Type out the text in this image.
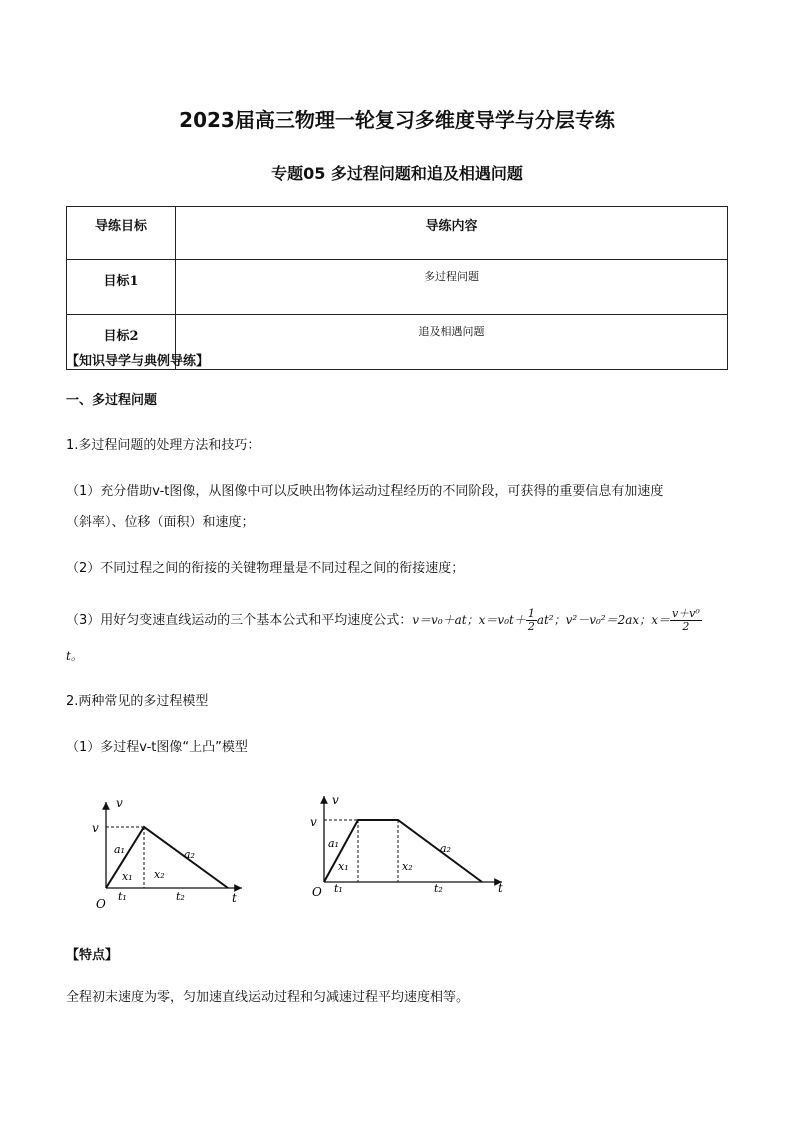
2023届高三物理一轮复习多维度导学与分层专练
专题05 多过程问题和追及相遇问题
导练目标	导练内容
目标1	多过程问题
目标2	追及相遇问题
【知识导学与典例导练】
一、多过程问题
1.多过程问题的处理方法和技巧：
（1）充分借助v-t图像，从图像中可以反映出物体运动过程经历的不同阶段，可获得的重要信息有加速度
（斜率）、位移（面积）和速度；
（2）不同过程之间的衔接的关键物理量是不同过程之间的衔接速度；
（3）用好匀变速直线运动的三个基本公式和平均速度公式：v＝v₀＋at；$x=v_0t+ \frac{1}{2} at^2$；v²－v₀²＝2ax；$x= \frac{\text{v＋v⁰}}{2}$
t。
2.两种常见的多过程模型
（1）多过程v-t图像“上凸”模型
v
v
O	t
a₁	a₂
x₁ x₂
t₁	t₂
v
v
O	t
a₁	a₂
x₁	x₂
t₁	t₂
【特点】
全程初末速度为零，匀加速直线运动过程和匀减速过程平均速度相等。
